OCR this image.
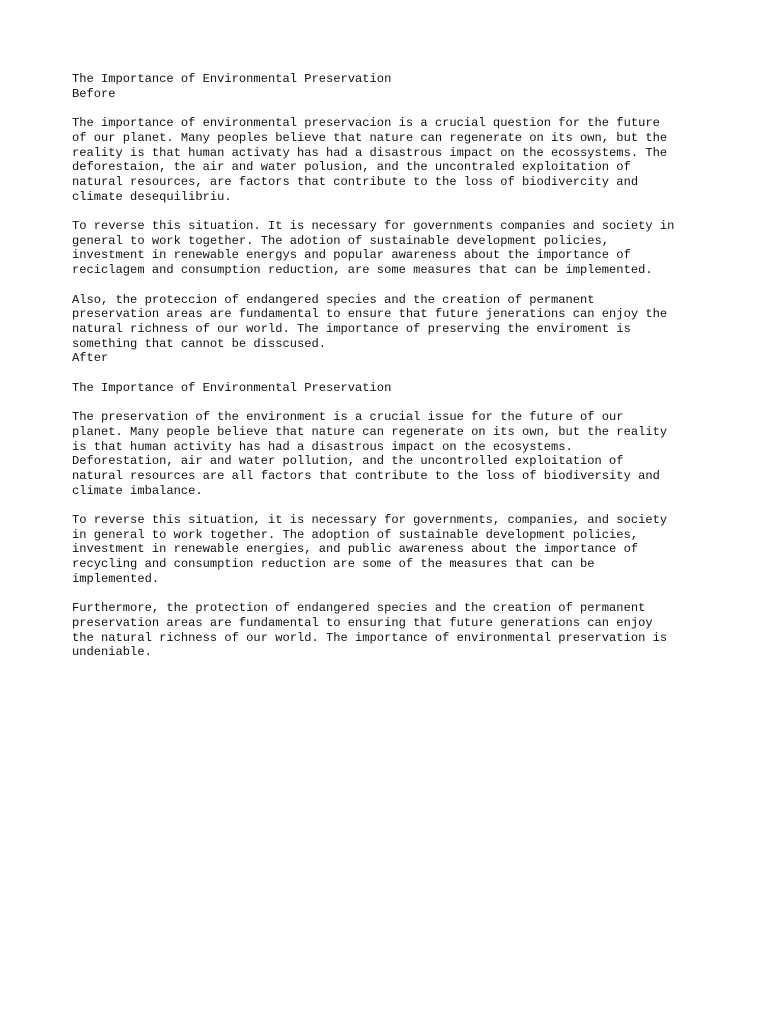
The Importance of Environmental Preservation
Before
The importance of environmental preservacion is a crucial question for the future
of our planet. Many peoples believe that nature can regenerate on its own, but the
reality is that human activaty has had a disastrous impact on the ecossystems. The
deforestaion, the air and water polusion, and the uncontraled exploitation of
natural resources, are factors that contribute to the loss of biodivercity and
climate desequilibriu.
To reverse this situation. It is necessary for governments companies and society in
general to work together. The adotion of sustainable development policies,
investment in renewable energys and popular awareness about the importance of
reciclagem and consumption reduction, are some measures that can be implemented.
Also, the proteccion of endangered species and the creation of permanent
preservation areas are fundamental to ensure that future jenerations can enjoy the
natural richness of our world. The importance of preserving the enviroment is
something that cannot be disscused.
After
The Importance of Environmental Preservation
The preservation of the environment is a crucial issue for the future of our
planet. Many people believe that nature can regenerate on its own, but the reality
is that human activity has had a disastrous impact on the ecosystems.
Deforestation, air and water pollution, and the uncontrolled exploitation of
natural resources are all factors that contribute to the loss of biodiversity and
climate imbalance.
To reverse this situation, it is necessary for governments, companies, and society
in general to work together. The adoption of sustainable development policies,
investment in renewable energies, and public awareness about the importance of
recycling and consumption reduction are some of the measures that can be
implemented.
Furthermore, the protection of endangered species and the creation of permanent
preservation areas are fundamental to ensuring that future generations can enjoy
the natural richness of our world. The importance of environmental preservation is
undeniable.
